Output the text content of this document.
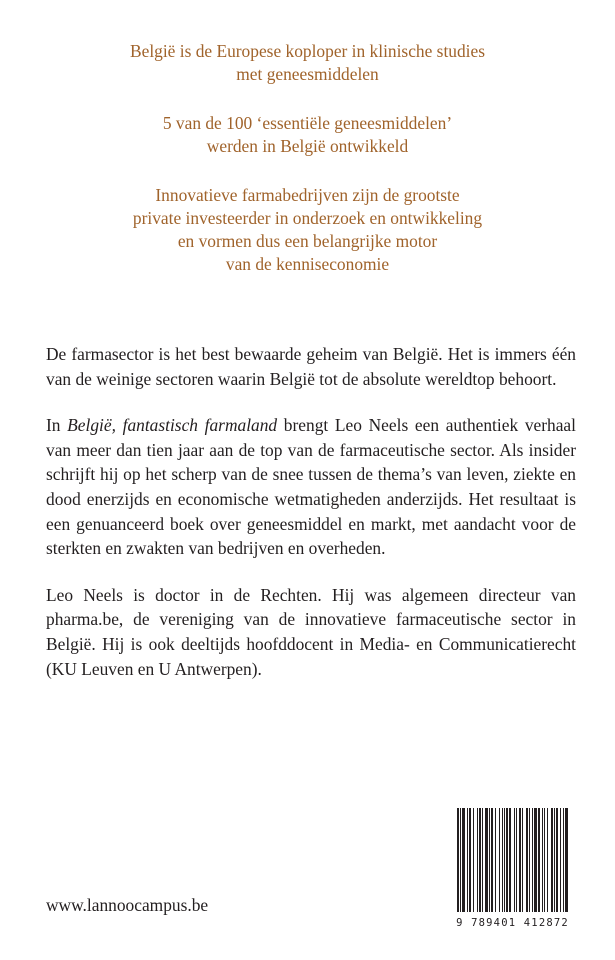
België is de Europese koploper in klinische studies
met geneesmiddelen

5 van de 100 ‘essentiële geneesmiddelen’
werden in België ontwikkeld

Innovatieve farmabedrijven zijn de grootste
private investeerder in onderzoek en ontwikkeling
en vormen dus een belangrijke motor
van de kenniseconomie

De farmasector is het best bewaarde geheim van België. Het is immers één van de weinige sectoren waarin België tot de absolute wereldtop behoort.

In België, fantastisch farmaland brengt Leo Neels een authentiek verhaal van meer dan tien jaar aan de top van de farmaceutische sector. Als insider schrijft hij op het scherp van de snee tussen de thema’s van leven, ziekte en dood enerzijds en economische wetmatigheden anderzijds. Het resultaat is een genuanceerd boek over geneesmiddel en markt, met aandacht voor de sterkten en zwakten van bedrijven en overheden.

Leo Neels is doctor in de Rechten. Hij was algemeen directeur van pharma.be, de vereniging van de innovatieve farmaceutische sector in België. Hij is ook deeltijds hoofddocent in Media- en Communicatierecht (KU Leuven en U Antwerpen).

9 789401 412872
www.lannoocampus.be
